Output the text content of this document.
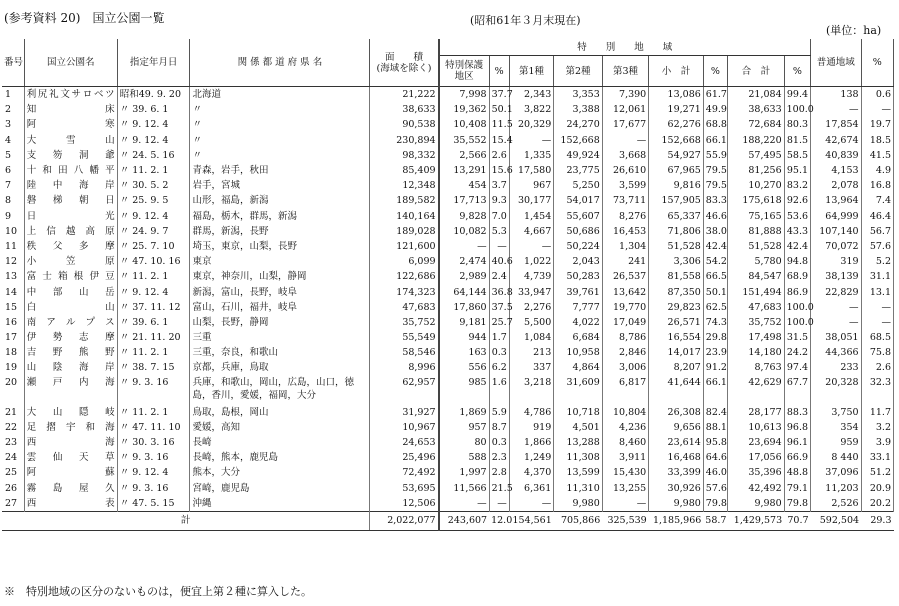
(参考資料 20)　国立公園一覧	(昭和61年３月末現在)
(単位：ha)
番号	国立公園名	指定年月日	関 係 都 道 府 県 名	面　　積
(海域を除く)	特　　別　　地　　域									普通地域	%
					特別保護地区	%	第1種	第2種	第3種	小　計	%	合　計	%		
1	利尻礼文サロベツ	昭和49. 9. 20	北海道	21,222	7,998	37.7	2,343	3,353	7,390	13,086	61.7	21,084	99.4	138	0.6
2	知　　　　床	〃 39. 6. 1	〃	38,633	19,362	50.1	3,822	3,388	12,061	19,271	49.9	38,633	100.0	—	—
3	阿　　　　寒	〃 9. 12. 4	〃	90,538	10,408	11.5	20,329	24,270	17,677	62,276	68.8	72,684	80.3	17,854	19.7
4	大　　雪　　山	〃 9. 12. 4	〃	230,894	35,552	15.4	—	152,668	—	152,668	66.1	188,220	81.5	42,674	18.5
5	支　笏　洞　爺	〃 24. 5. 16	〃	98,332	2,566	2.6	1,335	49,924	3,668	54,927	55.9	57,495	58.5	40,839	41.5
6	十和田八幡平	〃 11. 2. 1	青森，岩手，秋田	85,409	13,291	15.6	17,580	23,775	26,610	67,965	79.5	81,256	95.1	4,153	4.9
7	陸　中　海　岸	〃 30. 5. 2	岩手，宮城	12,348	454	3.7	967	5,250	3,599	9,816	79.5	10,270	83.2	2,078	16.8
8	磐　梯　朝　日	〃 25. 9. 5	山形，福島，新潟	189,582	17,713	9.3	30,177	54,017	73,711	157,905	83.3	175,618	92.6	13,964	7.4
9	日　　　　光	〃 9. 12. 4	福島，栃木，群馬，新潟	140,164	9,828	7.0	1,454	55,607	8,276	65,337	46.6	75,165	53.6	64,999	46.4
10	上 信 越 高 原	〃 24. 9. 7	群馬，新潟，長野	189,028	10,082	5.3	4,667	50,686	16,453	71,806	38.0	81,888	43.3	107,140	56.7
11	秩　父　多　摩	〃 25. 7. 10	埼玉，東京，山梨，長野	121,600	—	—	—	50,224	1,304	51,528	42.4	51,528	42.4	70,072	57.6
12	小　　笠　　原	〃 47. 10. 16	東京	6,099	2,474	40.6	1,022	2,043	241	3,306	54.2	5,780	94.8	319	5.2
13	富士箱根伊豆	〃 11. 2. 1	東京，神奈川，山梨，静岡	122,686	2,989	2.4	4,739	50,283	26,537	81,558	66.5	84,547	68.9	38,139	31.1
14	中　部　山　岳	〃 9. 12. 4	新潟，富山，長野，岐阜	174,323	64,144	36.8	33,947	39,761	13,642	87,350	50.1	151,494	86.9	22,829	13.1
15	白　　　　山	〃 37. 11. 12	富山，石川，福井，岐阜	47,683	17,860	37.5	2,276	7,777	19,770	29,823	62.5	47,683	100.0	—	—
16	南 ア ル プ ス	〃 39. 6. 1	山梨，長野，静岡	35,752	9,181	25.7	5,500	4,022	17,049	26,571	74.3	35,752	100.0	—	—
17	伊　勢　志　摩	〃 21. 11. 20	三重	55,549	944	1.7	1,084	6,684	8,786	16,554	29.8	17,498	31.5	38,051	68.5
18	吉　野　熊　野	〃 11. 2. 1	三重，奈良，和歌山	58,546	163	0.3	213	10,958	2,846	14,017	23.9	14,180	24.2	44,366	75.8
19	山　陰　海　岸	〃 38. 7. 15	京都，兵庫，鳥取	8,996	556	6.2	337	4,864	3,006	8,207	91.2	8,763	97.4	233	2.6
20	瀬　戸　内　海	〃 9. 3. 16	兵庫，和歌山，岡山，広島，山口，徳島，香川，愛媛，福岡，大分	62,957	985	1.6	3,218	31,609	6,817	41,644	66.1	42,629	67.7	20,328	32.3
21	大　山　隠　岐	〃 11. 2. 1	鳥取，島根，岡山	31,927	1,869	5.9	4,786	10,718	10,804	26,308	82.4	28,177	88.3	3,750	11.7
22	足 摺 宇 和 海	〃 47. 11. 10	愛媛，高知	10,967	957	8.7	919	4,501	4,236	9,656	88.1	10,613	96.8	354	3.2
23	西　　　　海	〃 30. 3. 16	長崎	24,653	80	0.3	1,866	13,288	8,460	23,614	95.8	23,694	96.1	959	3.9
24	雲　仙　天　草	〃 9. 3. 16	長崎，熊本，鹿児島	25,496	588	2.3	1,249	11,308	3,911	16,468	64.6	17,056	66.9	8 440	33.1
25	阿　　　　蘇	〃 9. 12. 4	熊本，大分	72,492	1,997	2.8	4,370	13,599	15,430	33,399	46.0	35,396	48.8	37,096	51.2
26	霧　島　屋　久	〃 9. 3. 16	宮崎，鹿児島	53,695	11,566	21.5	6,361	11,310	13,255	30,926	57.6	42,492	79.1	11,203	20.9
27	西　　　　表	〃 47. 5. 15	沖縄	12,506	—	—	—	9,980	—	9,980	79.8	9,980	79.8	2,526	20.2
計				2,022,077	243,607	12.0	154,561	705,866	325,539	1,185,966	58.7	1,429,573	70.7	592,504	29.3
※　特別地域の区分のないものは，便宜上第２種に算入した。
